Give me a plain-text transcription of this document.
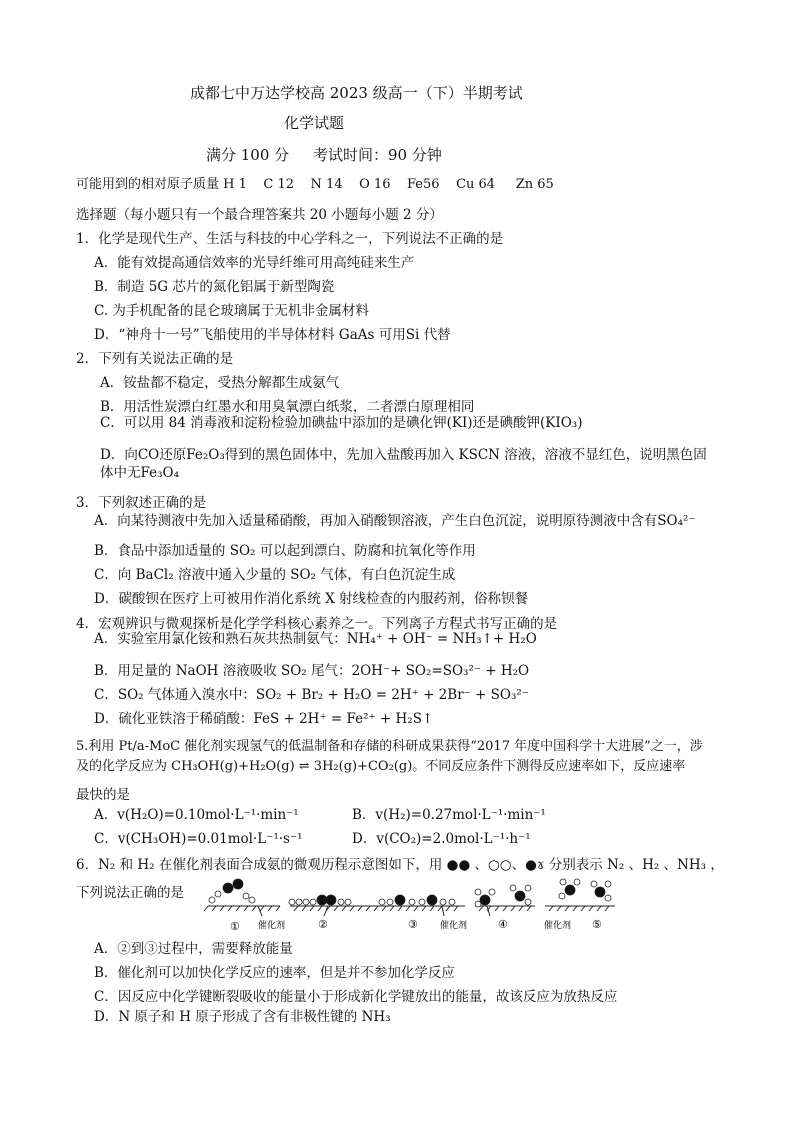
成都七中万达学校高 2023 级高一（下）半期考试
化学试题
满分 100 分     考试时间：90 分钟
可能用到的相对原子质量 H 1    C 12    N 14    O 16    Fe56    Cu 64     Zn 65
选择题（每小题只有一个最合理答案共 20 小题每小题 2 分）
1．化学是现代生产、生活与科技的中心学科之一，下列说法不正确的是
A．能有效提高通信效率的光导纤维可用高纯硅来生产
B．制造 5G 芯片的氮化铝属于新型陶瓷
C. 为手机配备的昆仑玻璃属于无机非金属材料
D．“神舟十一号”飞船使用的半导体材料 GaAs 可用Si 代替
2．下列有关说法正确的是
A．铵盐都不稳定，受热分解都生成氨气
B．用活性炭漂白红墨水和用臭氧漂白纸浆，二者漂白原理相同
C．可以用 84 消毒液和淀粉检验加碘盐中添加的是碘化钾(KI)还是碘酸钾(KIO₃)
D．向CO还原Fe₂O₃得到的黑色固体中，先加入盐酸再加入 KSCN 溶液，溶液不显红色，说明黑色固
体中无Fe₃O₄
3．下列叙述正确的是
A．向某待测液中先加入适量稀硝酸，再加入硝酸钡溶液，产生白色沉淀，说明原待测液中含有SO₄²⁻
B．食品中添加适量的 SO₂ 可以起到漂白、防腐和抗氧化等作用
C．向 BaCl₂ 溶液中通入少量的 SO₂ 气体，有白色沉淀生成
D．碳酸钡在医疗上可被用作消化系统 X 射线检查的内服药剂，俗称钡餐
4．宏观辨识与微观探析是化学学科核心素养之一。下列离子方程式书写正确的是
A．实验室用氯化铵和熟石灰共热制氨气：NH₄⁺ + OH⁻ = NH₃↑+ H₂O
B．用足量的 NaOH 溶液吸收 SO₂ 尾气：2OH⁻+ SO₂=SO₃²⁻ + H₂O
C．SO₂ 气体通入溴水中：SO₂ + Br₂ + H₂O = 2H⁺ + 2Br⁻ + SO₃²⁻
D．硫化亚铁溶于稀硝酸：FeS + 2H⁺ = Fe²⁺ + H₂S↑
5.利用 Pt/a-MoC 催化剂实现氢气的低温制备和存储的科研成果获得“2017 年度中国科学十大进展”之一，涉
及的化学反应为 CH₃OH(g)+H₂O(g) ⇌ 3H₂(g)+CO₂(g)。不同反应条件下测得反应速率如下，反应速率
最快的是
A．v(H₂O)=0.10mol·L⁻¹·min⁻¹	B．v(H₂)=0.27mol·L⁻¹·min⁻¹
C．v(CH₃OH)=0.01mol·L⁻¹·s⁻¹	D．v(CO₂)=2.0mol·L⁻¹·h⁻¹
6．N₂ 和 H₂ 在催化剂表面合成氨的微观历程示意图如下，用 ●● 、○○、●ɤ 分别表示 N₂ 、H₂ 、NH₃ ，
下列说法正确的是
① 催化剂	②	③ 催化剂	④	催化剂 ⑤
A．②到③过程中，需要释放能量
B．催化剂可以加快化学反应的速率，但是并不参加化学反应
C．因反应中化学键断裂吸收的能量小于形成新化学键放出的能量，故该反应为放热反应
D．N 原子和 H 原子形成了含有非极性键的 NH₃
